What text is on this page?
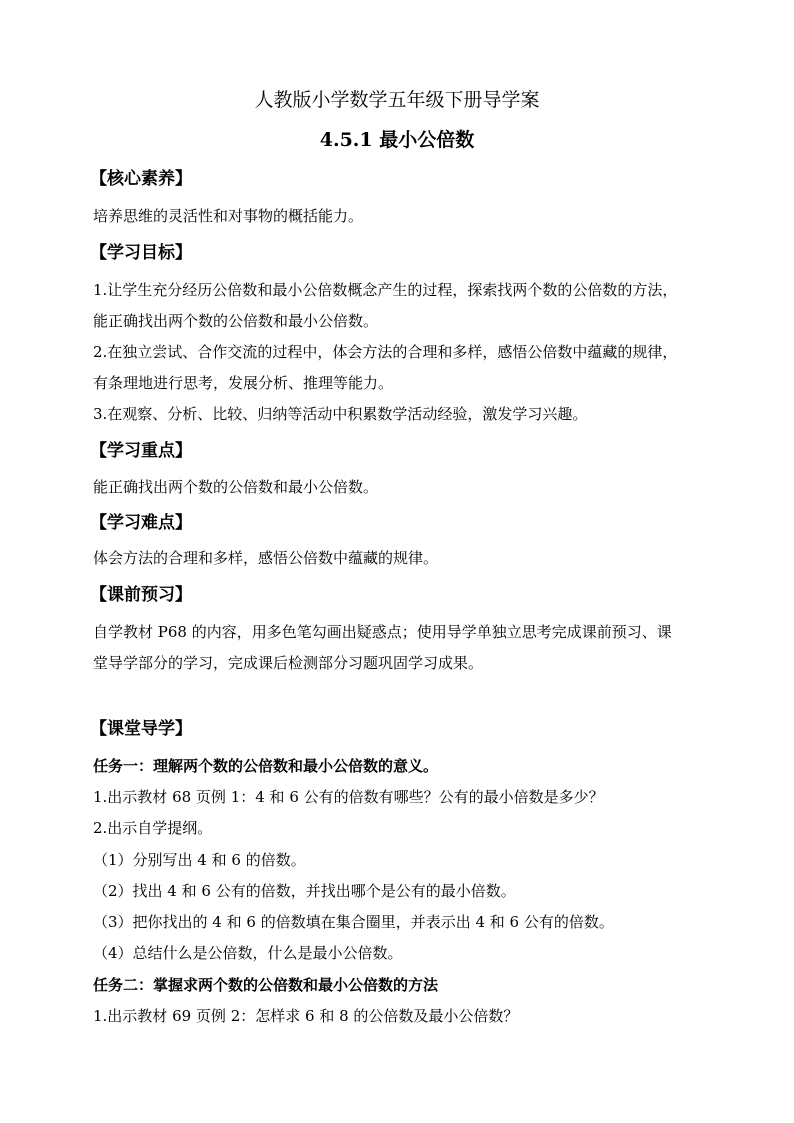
人教版小学数学五年级下册导学案
4.5.1 最小公倍数
【核心素养】
培养思维的灵活性和对事物的概括能力。
【学习目标】
1.让学生充分经历公倍数和最小公倍数概念产生的过程，探索找两个数的公倍数的方法，
能正确找出两个数的公倍数和最小公倍数。
2.在独立尝试、合作交流的过程中，体会方法的合理和多样，感悟公倍数中蕴藏的规律，
有条理地进行思考，发展分析、推理等能力。
3.在观察、分析、比较、归纳等活动中积累数学活动经验，激发学习兴趣。
【学习重点】
能正确找出两个数的公倍数和最小公倍数。
【学习难点】
体会方法的合理和多样，感悟公倍数中蕴藏的规律。
【课前预习】
自学教材 P68 的内容，用多色笔勾画出疑惑点；使用导学单独立思考完成课前预习、课
堂导学部分的学习，完成课后检测部分习题巩固学习成果。
【课堂导学】
任务一：理解两个数的公倍数和最小公倍数的意义。
1.出示教材 68 页例 1：4 和 6 公有的倍数有哪些？公有的最小倍数是多少？
2.出示自学提纲。
（1）分别写出 4 和 6 的倍数。
（2）找出 4 和 6 公有的倍数，并找出哪个是公有的最小倍数。
（3）把你找出的 4 和 6 的倍数填在集合圈里，并表示出 4 和 6 公有的倍数。
（4）总结什么是公倍数，什么是最小公倍数。
任务二：掌握求两个数的公倍数和最小公倍数的方法
1.出示教材 69 页例 2：怎样求 6 和 8 的公倍数及最小公倍数？
